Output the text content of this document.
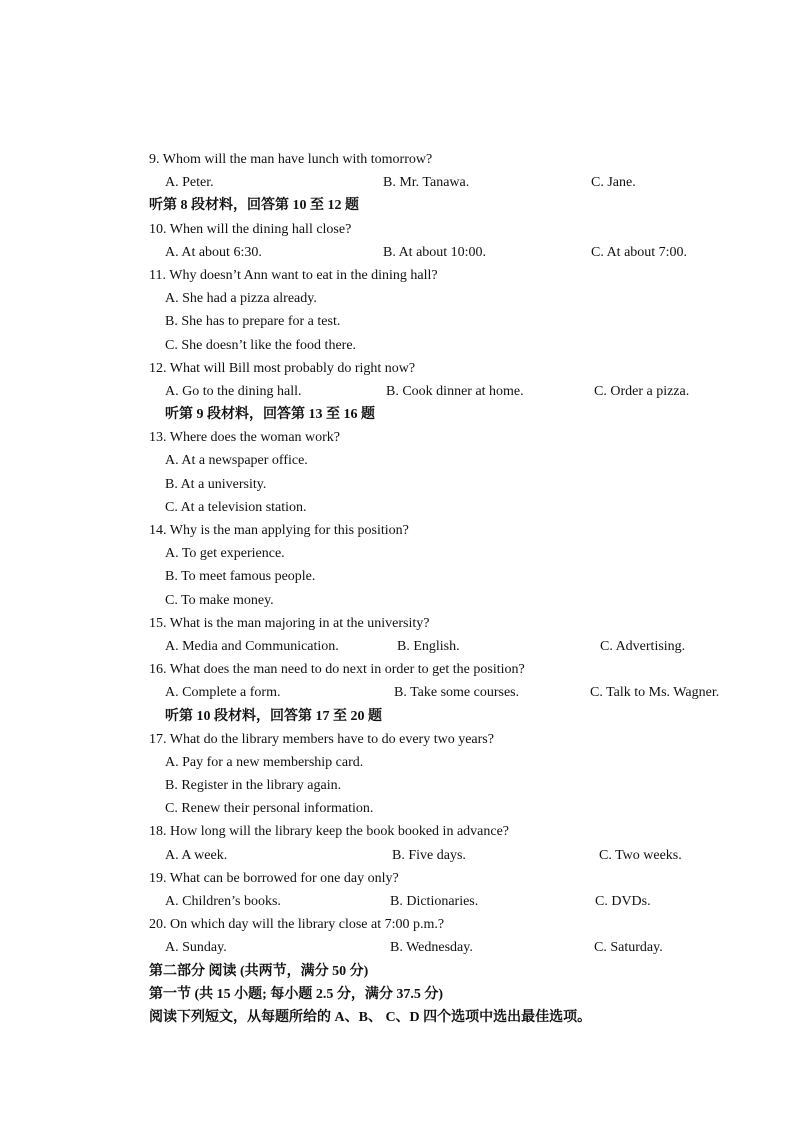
9. Whom will the man have lunch with tomorrow?
A. Peter.	B. Mr. Tanawa.	C. Jane.
听第 8 段材料，回答第 10 至 12 题
10. When will the dining hall close?
A. At about 6:30.	B. At about 10:00.	C. At about 7:00.
11. Why doesn’t Ann want to eat in the dining hall?
A. She had a pizza already.
B. She has to prepare for a test.
C. She doesn’t like the food there.
12. What will Bill most probably do right now?
A. Go to the dining hall.	B. Cook dinner at home.	C. Order a pizza.
听第 9 段材料，回答第 13 至 16 题
13. Where does the woman work?
A. At a newspaper office.
B. At a university.
C. At a television station.
14. Why is the man applying for this position?
A. To get experience.
B. To meet famous people.
C. To make money.
15. What is the man majoring in at the university?
A. Media and Communication.	B. English.	C. Advertising.
16. What does the man need to do next in order to get the position?
A. Complete a form.	B. Take some courses.	C. Talk to Ms. Wagner.
听第 10 段材料，回答第 17 至 20 题
17. What do the library members have to do every two years?
A. Pay for a new membership card.
B. Register in the library again.
C. Renew their personal information.
18. How long will the library keep the book booked in advance?
A. A week.	B. Five days.	C. Two weeks.
19. What can be borrowed for one day only?
A. Children’s books.	B. Dictionaries.	C. DVDs.
20. On which day will the library close at 7:00 p.m.?
A. Sunday.	B. Wednesday.	C. Saturday.
第二部分 阅读 (共两节，满分 50 分)
第一节 (共 15 小题; 每小题 2.5 分，满分 37.5 分)
阅读下列短文，从每题所给的 A、B、 C、D 四个选项中选出最佳选项。
